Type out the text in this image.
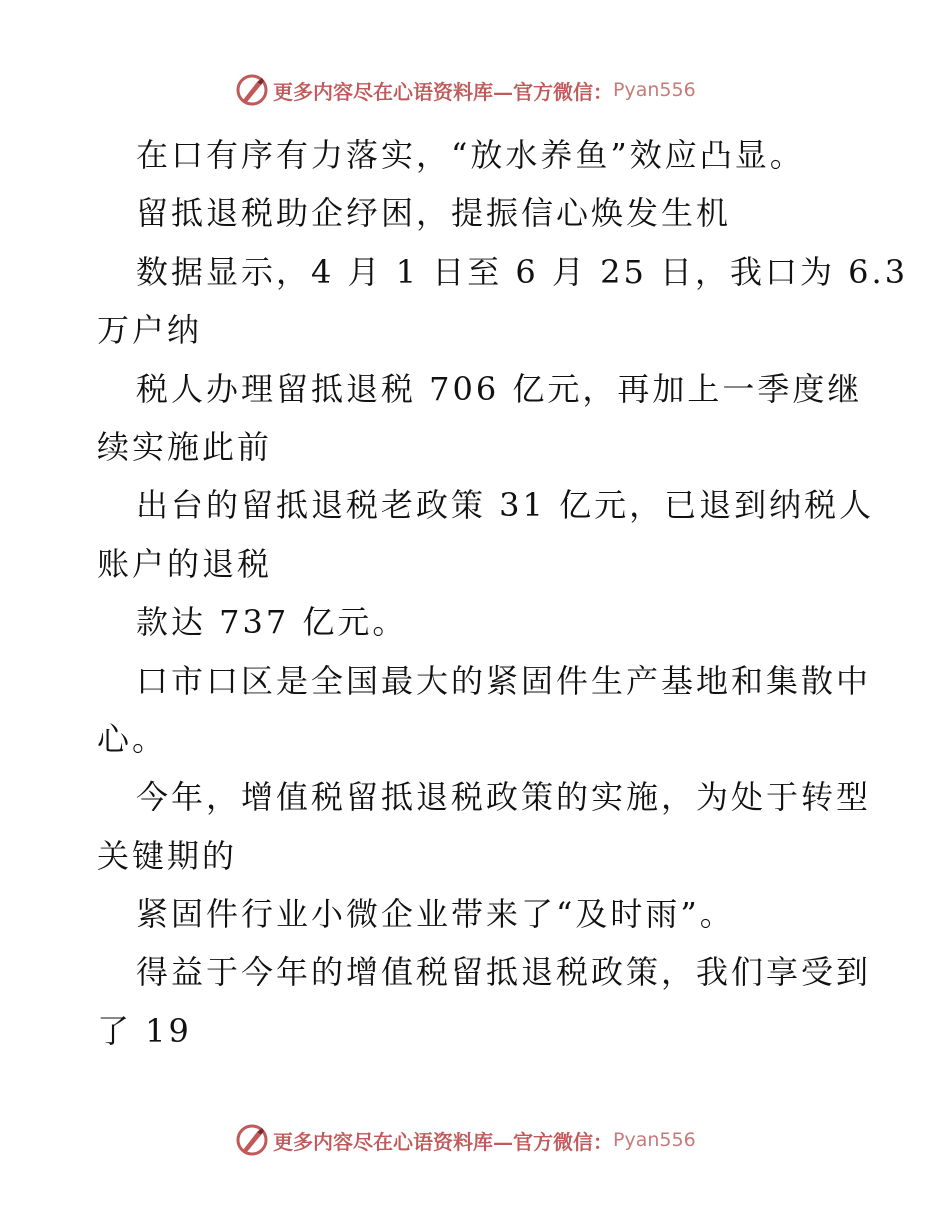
更多内容尽在心语资料库—官方微信： Pyan556
在口有序有力落实，“放水养鱼”效应凸显。
留抵退税助企纾困，提振信心焕发生机
数据显示，4 月 1 日至 6 月 25 日，我口为 6.3
万户纳
税人办理留抵退税 706 亿元，再加上一季度继
续实施此前
出台的留抵退税老政策 31 亿元，已退到纳税人
账户的退税
款达 737 亿元。
口市口区是全国最大的紧固件生产基地和集散中
心。
今年，增值税留抵退税政策的实施，为处于转型
关键期的
紧固件行业小微企业带来了“及时雨”。
得益于今年的增值税留抵退税政策，我们享受到
了 19
更多内容尽在心语资料库—官方微信： Pyan556
